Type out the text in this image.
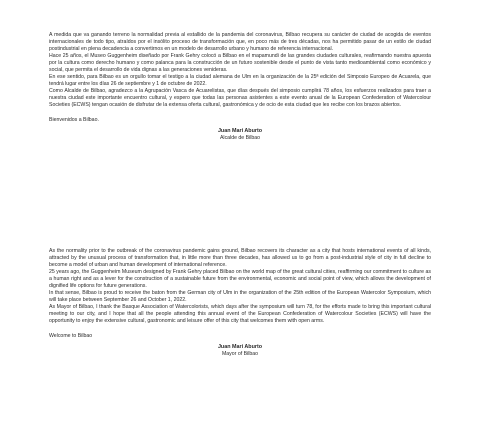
A medida que va ganando terreno la normalidad previa al estallido de la pandemia del coronavirus, Bilbao recupera su carácter de ciudad de acogida de eventos internacionales de todo tipo, atraídos por el insólito proceso de transformación que, en poco más de tres décadas, nos ha permitido pasar de un estilo de ciudad postindustrial en plena decadencia a convertirnos en un modelo de desarrollo urbano y humano de referencia internacional.

Hace 25 años, el Museo Guggenheim diseñado por Frank Gehry colocó a Bilbao en el mapamundi de las grandes ciudades culturales, reafirmando nuestra apuesta por la cultura como derecho humano y como palanca para la construcción de un futuro sostenible desde el punto de vista tanto medioambiental como económico y social, que permita el desarrollo de vida dignas a las generaciones venideras.

En ese sentido, para Bilbao es un orgullo tomar el testigo a la ciudad alemana de Ulm en la organización de la 25ª edición del Simposio Europeo de Acuarela, que tendrá lugar entre los días 26 de septiembre y 1 de octubre de 2022.

Como Alcalde de Bilbao, agradezco a la Agrupación Vasca de Acuarelistas, que días después del simposio cumplirá 78 años, los esfuerzos realizados para traer a nuestra ciudad este importante encuentro cultural, y espero que todas las personas asistentes a este evento anual de la European Confederation of Watercolour Societies (ECWS) tengan ocasión de disfrutar de la extensa oferta cultural, gastronómica y de ocio de esta ciudad que les recibe con los brazos abiertos.

Bienvenidos a Bilbao.

Juan Mari Aburto
Alcalde de Bilbao

As the normality prior to the outbreak of the coronavirus pandemic gains ground, Bilbao recovers its character as a city that hosts international events of all kinds, attracted by the unusual process of transformation that, in little more than three decades, has allowed us to go from a post-industrial style of city in full decline to become a model of urban and human development of international reference.

25 years ago, the Guggenheim Museum designed by Frank Gehry placed Bilbao on the world map of the great cultural cities, reaffirming our commitment to culture as a human right and as a lever for the construction of a sustainable future from the environmental, economic and social point of view, which allows the development of dignified life options for future generations.

In that sense, Bilbao is proud to receive the baton from the German city of Ulm in the organization of the 25th edition of the European Watercolor Symposium, which will take place between September 26 and October 1, 2022.

As Mayor of Bilbao, I thank the Basque Association of Watercolorists, which days after the symposium will turn 78, for the efforts made to bring this important cultural meeting to our city, and I hope that all the people attending this annual event of the European Confederation of Watercolour Societies (ECWS) will have the opportunity to enjoy the extensive cultural, gastronomic and leisure offer of this city that welcomes them with open arms.

Welcome to Bilbao

Juan Mari Aburto
Mayor of Bilbao
